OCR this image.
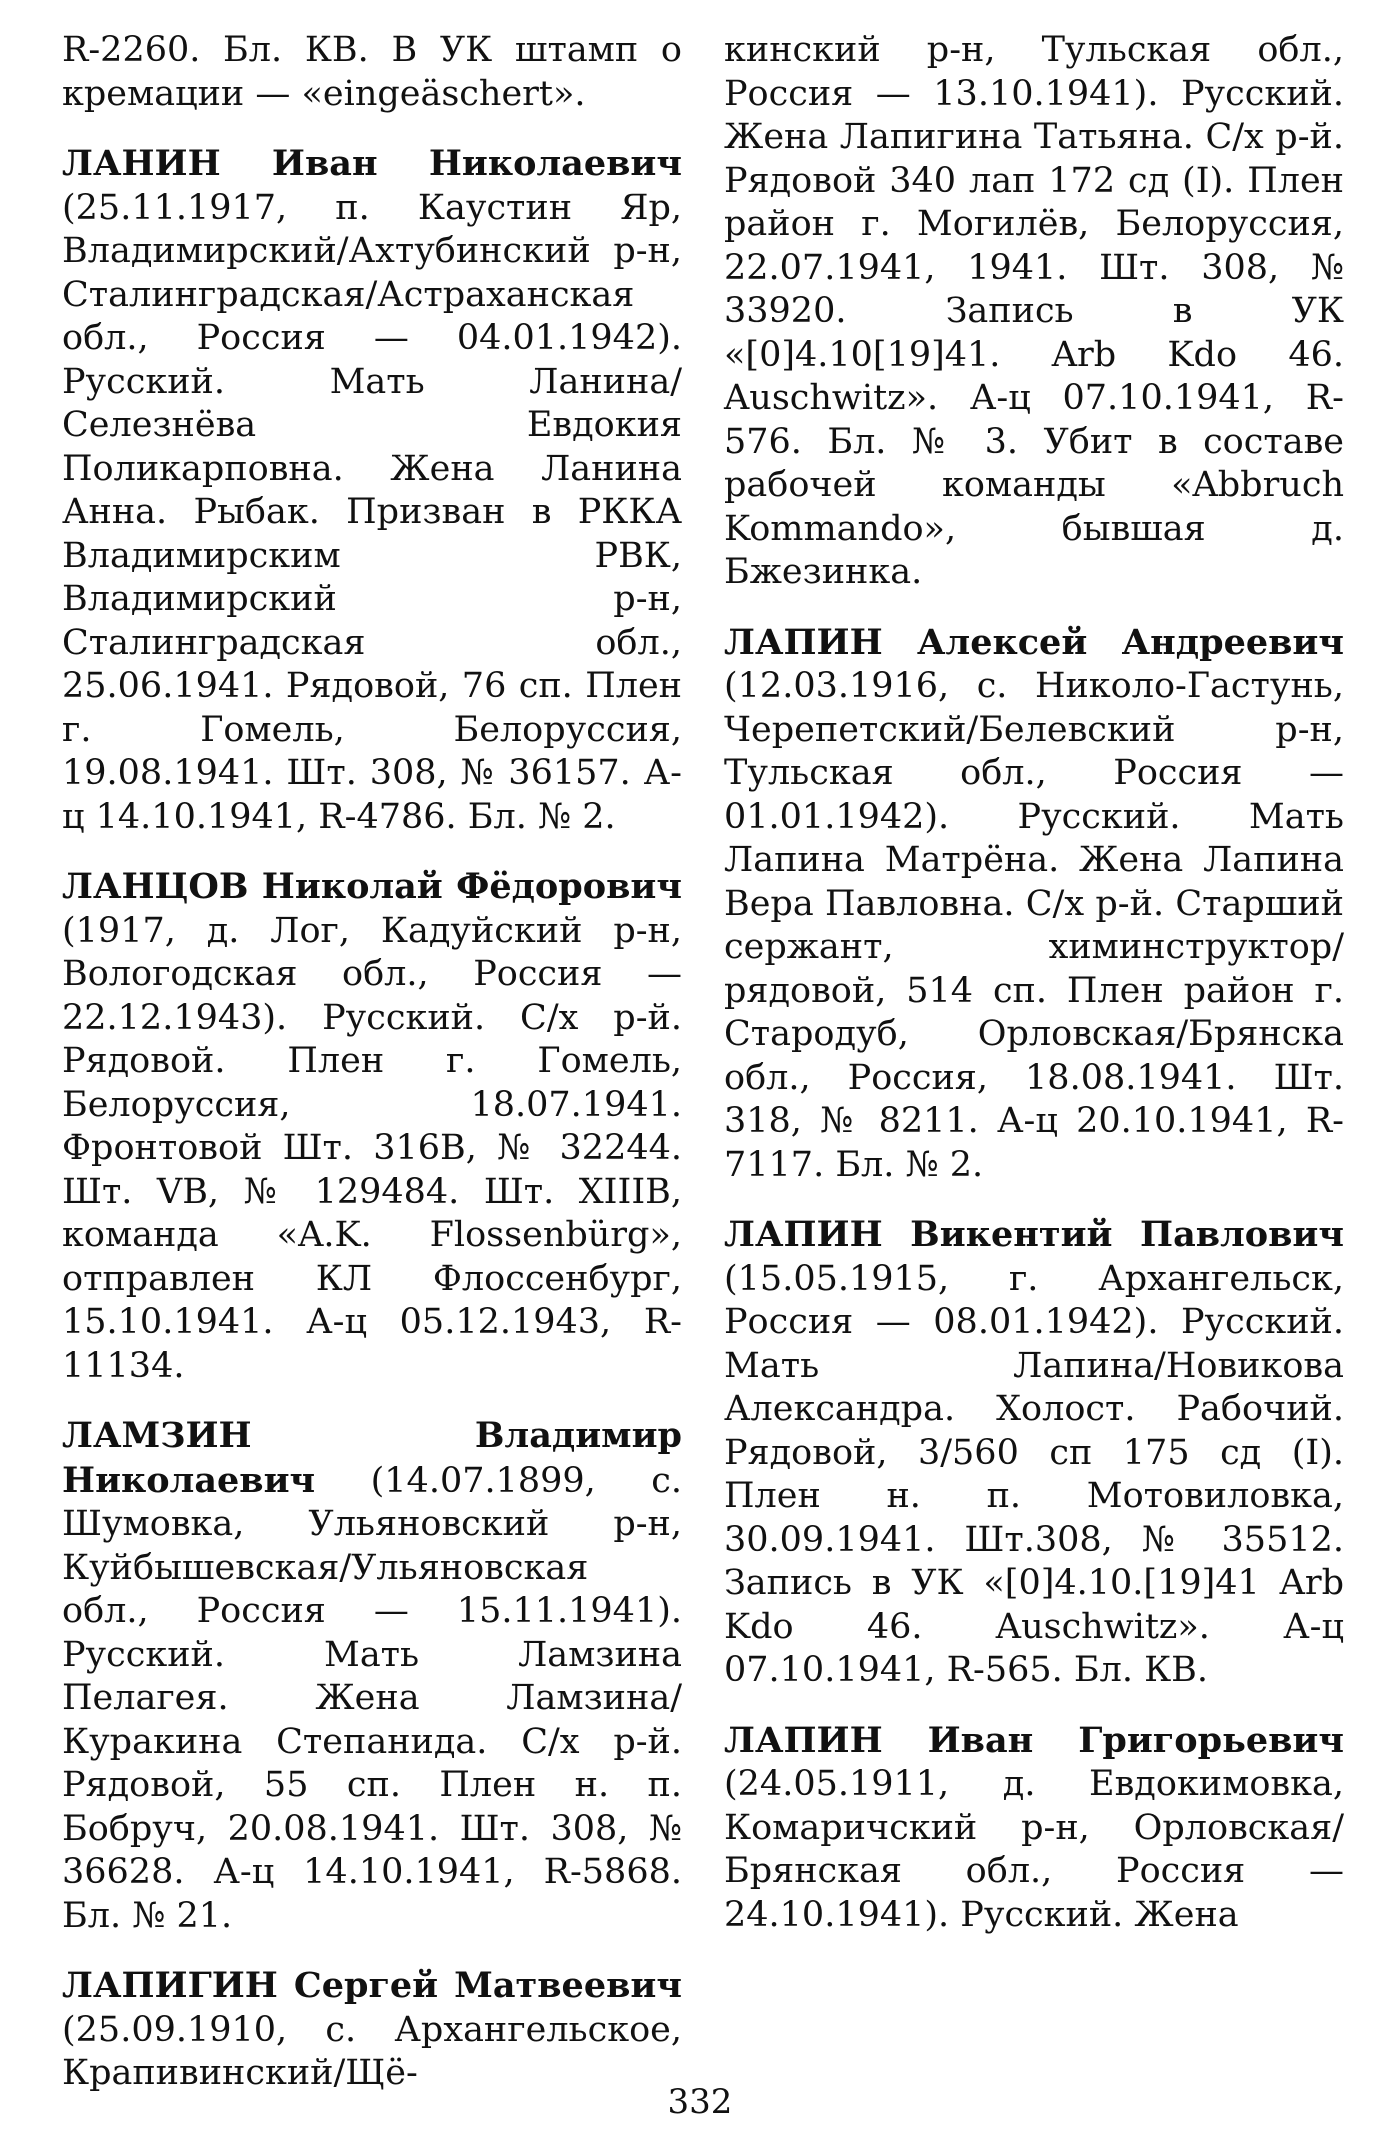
R-2260. Бл. КВ. В УК штамп о кремации — «eingeäschert».

ЛАНИН Иван Николаевич (25.11.1917, п. Каустин Яр, Владимирский/Ахтубинский р-н, Сталинградская/Астраханская обл., Россия — 04.01.1942). Русский. Мать Ланина/Селезнёва Евдокия Поликарповна. Жена Ланина Анна. Рыбак. Призван в РККА Владимирским РВК, Владимирский р-н, Сталинградская обл., 25.06.1941. Рядовой, 76 сп. Плен г. Гомель, Белоруссия, 19.08.1941. Шт. 308, № 36157. А-ц 14.10.1941, R-4786. Бл. № 2.

ЛАНЦОВ Николай Фёдорович (1917, д. Лог, Кадуйский р-н, Вологодская обл., Россия — 22.12.1943). Русский. С/х р-й. Рядовой. Плен г. Гомель, Белоруссия, 18.07.1941. Фронтовой Шт. 316В, № 32244. Шт. VB, № 129484. Шт. XIIIB, команда «A.K. Flossenbürg», отправлен КЛ Флоссенбург, 15.10.1941. А-ц 05.12.1943, R-11134.

ЛАМЗИН Владимир Николаевич (14.07.1899, с. Шумовка, Ульяновский р-н, Куйбышевская/Ульяновская обл., Россия — 15.11.1941). Русский. Мать Ламзина Пелагея. Жена Ламзина/Куракина Степанида. С/х р-й. Рядовой, 55 сп. Плен н. п. Бобруч, 20.08.1941. Шт. 308, № 36628. А-ц 14.10.1941, R-5868. Бл. № 21.

ЛАПИГИН Сергей Матвеевич (25.09.1910, с. Архангельское, Крапивинский/Щё-

кинский р-н, Тульская обл., Россия — 13.10.1941). Русский. Жена Лапигина Татьяна. С/х р-й. Рядовой 340 лап 172 сд (I). Плен район г. Могилёв, Белоруссия, 22.07.1941, 1941. Шт. 308, № 33920. Запись в УК «[0]4.10[19]41. Arb Kdo 46. Auschwitz». А-ц 07.10.1941, R-576. Бл. № 3. Убит в составе рабочей команды «Abbruch Kommando», бывшая д. Бжезинка.

ЛАПИН Алексей Андреевич (12.03.1916, с. Николо-Гастунь, Черепетский/Белевский р-н, Тульская обл., Россия — 01.01.1942). Русский. Мать Лапина Матрёна. Жена Лапина Вера Павловна. С/х р-й. Старший сержант, химинструктор/рядовой, 514 сп. Плен район г. Стародуб, Орловская/Брянска обл., Россия, 18.08.1941. Шт. 318, № 8211. А-ц 20.10.1941, R-7117. Бл. № 2.

ЛАПИН Викентий Павлович (15.05.1915, г. Архангельск, Россия — 08.01.1942). Русский. Мать Лапина/Новикова Александра. Холост. Рабочий. Рядовой, 3/560 сп 175 сд (I). Плен н. п. Мотовиловка, 30.09.1941. Шт.308, № 35512. Запись в УК «[0]4.10.[19]41 Arb Kdo 46. Auschwitz». А-ц 07.10.1941, R-565. Бл. КВ.

ЛАПИН Иван Григорьевич (24.05.1911, д. Евдокимовка, Комаричский р-н, Орловская/Брянская обл., Россия — 24.10.1941). Русский. Жена

332
